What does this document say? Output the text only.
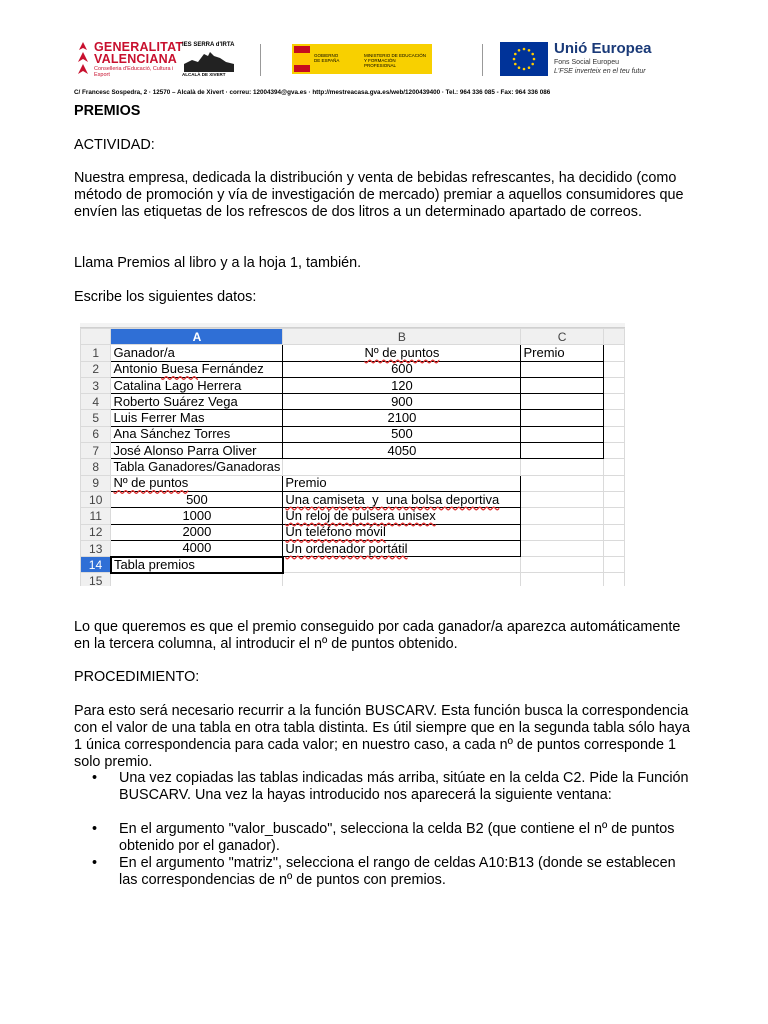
GENERALITAT VALENCIANA
Conselleria d'Educació, Cultura i Esport
IES SERRA d'IRTA
ALCALÀ DE XIVERT
GOBIERNO DE ESPAÑA
MINISTERIO DE EDUCACIÓN Y FORMACIÓN PROFESIONAL
Unió Europea
Fons Social Europeu
L'FSE inverteix en el teu futur
C/ Francesc Sospedra, 2 · 12570 – Alcalà de Xivert · correu: 12004394@gva.es · http://mestreacasa.gva.es/web/1200439400 · Tel.: 964 336 085 - Fax: 964 336 086
PREMIOS
ACTIVIDAD:
Nuestra empresa, dedicada la distribución y venta de bebidas refrescantes, ha decidido (como método de promoción y vía de investigación de mercado) premiar a aquellos consumidores que envíen las etiquetas de los refrescos de dos litros a un determinado apartado de correos.
Llama Premios al libro y a la hoja 1, también.
Escribe los siguientes datos:
	A	B	C	
1	Ganador/a	Nº de puntos	Premio	
2	Antonio Buesa Fernández	600		
3	Catalina Lago Herrera	120		
4	Roberto Suárez Vega	900		
5	Luis Ferrer Mas	2100		
6	Ana Sánchez Torres	500		
7	José Alonso Parra Oliver	4050		
8	Tabla Ganadores/Ganadoras			
9	Nº de puntos	Premio		
10	500	Una camiseta  y  una bolsa deportiva		
11	1000	Un reloj de pulsera unisex		
12	2000	Un teléfono móvil		
13	4000	Un ordenador portátil		
14	Tabla premios			
15				
Lo que queremos es que el premio conseguido por cada ganador/a aparezca automáticamente en la tercera columna, al introducir el nº de puntos obtenido.
PROCEDIMIENTO:
Para esto será necesario recurrir a la función BUSCARV. Esta función busca la correspondencia con el valor de una tabla en otra tabla distinta. Es útil siempre que en la segunda tabla sólo haya 1 única correspondencia para cada valor; en nuestro caso, a cada nº de puntos corresponde 1 solo premio.
• Una vez copiadas las tablas indicadas más arriba, sitúate en la celda C2. Pide la Función BUSCARV. Una vez la hayas introducido nos aparecerá la siguiente ventana:
• En el argumento "valor_buscado", selecciona la celda B2 (que contiene el nº de puntos obtenido por el ganador).
• En el argumento "matriz", selecciona el rango de celdas A10:B13 (donde se establecen las correspondencias de nº de puntos con premios.
